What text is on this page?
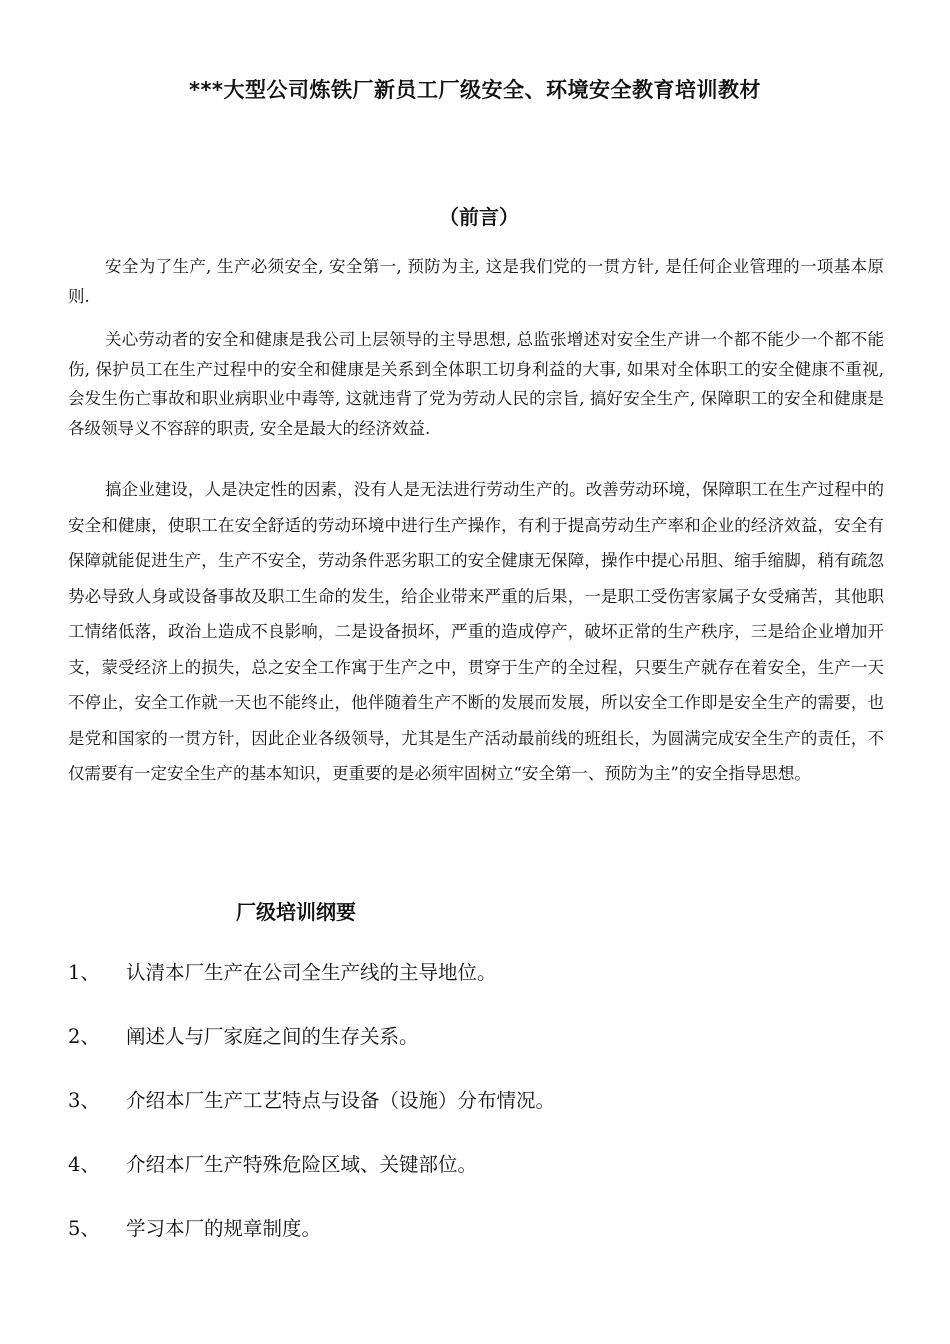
***大型公司炼铁厂新员工厂级安全、环境安全教育培训教材
（前言）

安全为了生产, 生产必须安全, 安全第一, 预防为主, 这是我们党的一贯方针, 是任何企业管理的一项基本原则.

关心劳动者的安全和健康是我公司上层领导的主导思想, 总监张增述对安全生产讲一个都不能少一个都不能伤, 保护员工在生产过程中的安全和健康是关系到全体职工切身利益的大事, 如果对全体职工的安全健康不重视, 会发生伤亡事故和职业病职业中毒等, 这就违背了党为劳动人民的宗旨, 搞好安全生产, 保障职工的安全和健康是各级领导义不容辞的职责, 安全是最大的经济效益.

搞企业建设，人是决定性的因素，没有人是无法进行劳动生产的。改善劳动环境，保障职工在生产过程中的安全和健康，使职工在安全舒适的劳动环境中进行生产操作，有利于提高劳动生产率和企业的经济效益，安全有保障就能促进生产，生产不安全，劳动条件恶劣职工的安全健康无保障，操作中提心吊胆、缩手缩脚，稍有疏忽势必导致人身或设备事故及职工生命的发生，给企业带来严重的后果，一是职工受伤害家属子女受痛苦，其他职工情绪低落，政治上造成不良影响，二是设备损坏，严重的造成停产，破坏正常的生产秩序，三是给企业增加开支，蒙受经济上的损失，总之安全工作寓于生产之中，贯穿于生产的全过程，只要生产就存在着安全，生产一天不停止，安全工作就一天也不能终止，他伴随着生产不断的发展而发展，所以安全工作即是安全生产的需要，也是党和国家的一贯方针，因此企业各级领导，尤其是生产活动最前线的班组长，为圆满完成安全生产的责任，不仅需要有一定安全生产的基本知识，更重要的是必须牢固树立“安全第一、预防为主”的安全指导思想。

厂级培训纲要
1、 认清本厂生产在公司全生产线的主导地位。
2、 阐述人与厂家庭之间的生存关系。
3、 介绍本厂生产工艺特点与设备（设施）分布情况。
4、 介绍本厂生产特殊危险区域、关键部位。
5、 学习本厂的规章制度。
